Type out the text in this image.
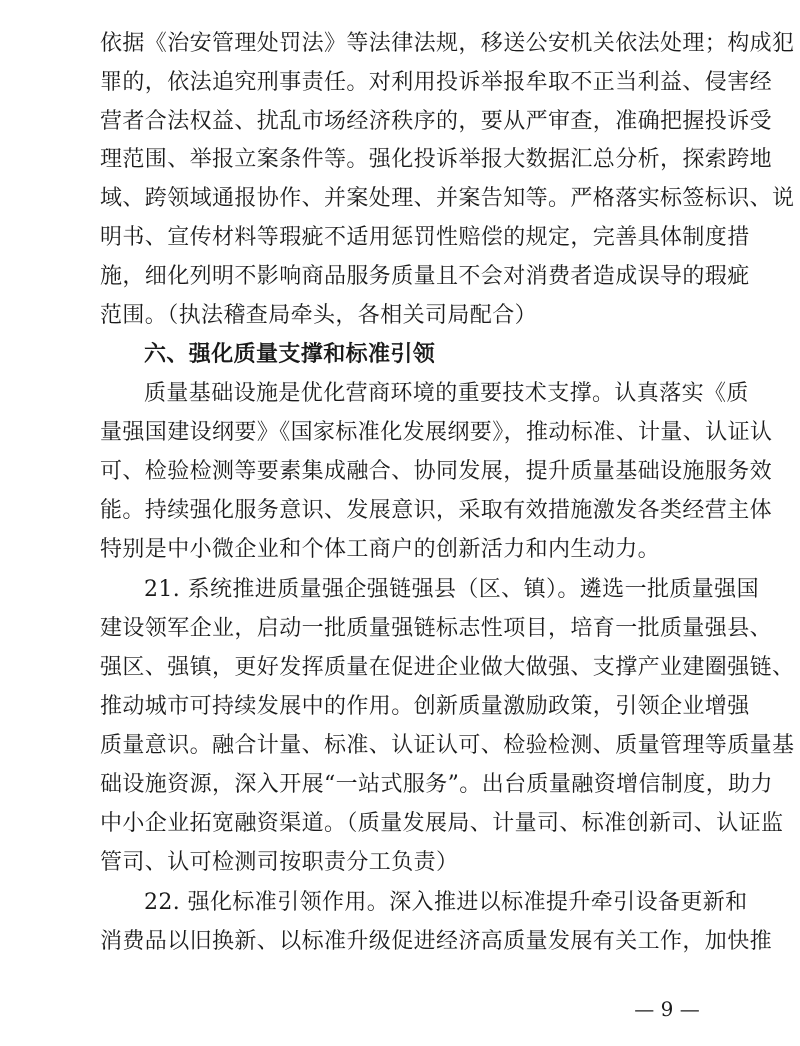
依据《治安管理处罚法》等法律法规，移送公安机关依法处理；构成犯
罪的，依法追究刑事责任。对利用投诉举报牟取不正当利益、侵害经
营者合法权益、扰乱市场经济秩序的，要从严审查，准确把握投诉受
理范围、举报立案条件等。强化投诉举报大数据汇总分析，探索跨地
域、跨领域通报协作、并案处理、并案告知等。严格落实标签标识、说
明书、宣传材料等瑕疵不适用惩罚性赔偿的规定，完善具体制度措
施，细化列明不影响商品服务质量且不会对消费者造成误导的瑕疵
范围。（执法稽查局牵头，各相关司局配合）
六、强化质量支撑和标准引领
质量基础设施是优化营商环境的重要技术支撑。认真落实《质
量强国建设纲要》《国家标准化发展纲要》，推动标准、计量、认证认
可、检验检测等要素集成融合、协同发展，提升质量基础设施服务效
能。持续强化服务意识、发展意识，采取有效措施激发各类经营主体
特别是中小微企业和个体工商户的创新活力和内生动力。
21. 系统推进质量强企强链强县（区、镇）。遴选一批质量强国
建设领军企业，启动一批质量强链标志性项目，培育一批质量强县、
强区、强镇，更好发挥质量在促进企业做大做强、支撑产业建圈强链、
推动城市可持续发展中的作用。创新质量激励政策，引领企业增强
质量意识。融合计量、标准、认证认可、检验检测、质量管理等质量基
础设施资源，深入开展“一站式服务”。出台质量融资增信制度，助力
中小企业拓宽融资渠道。（质量发展局、计量司、标准创新司、认证监
管司、认可检测司按职责分工负责）
22. 强化标准引领作用。深入推进以标准提升牵引设备更新和
消费品以旧换新、以标准升级促进经济高质量发展有关工作，加快推
— 9 —
